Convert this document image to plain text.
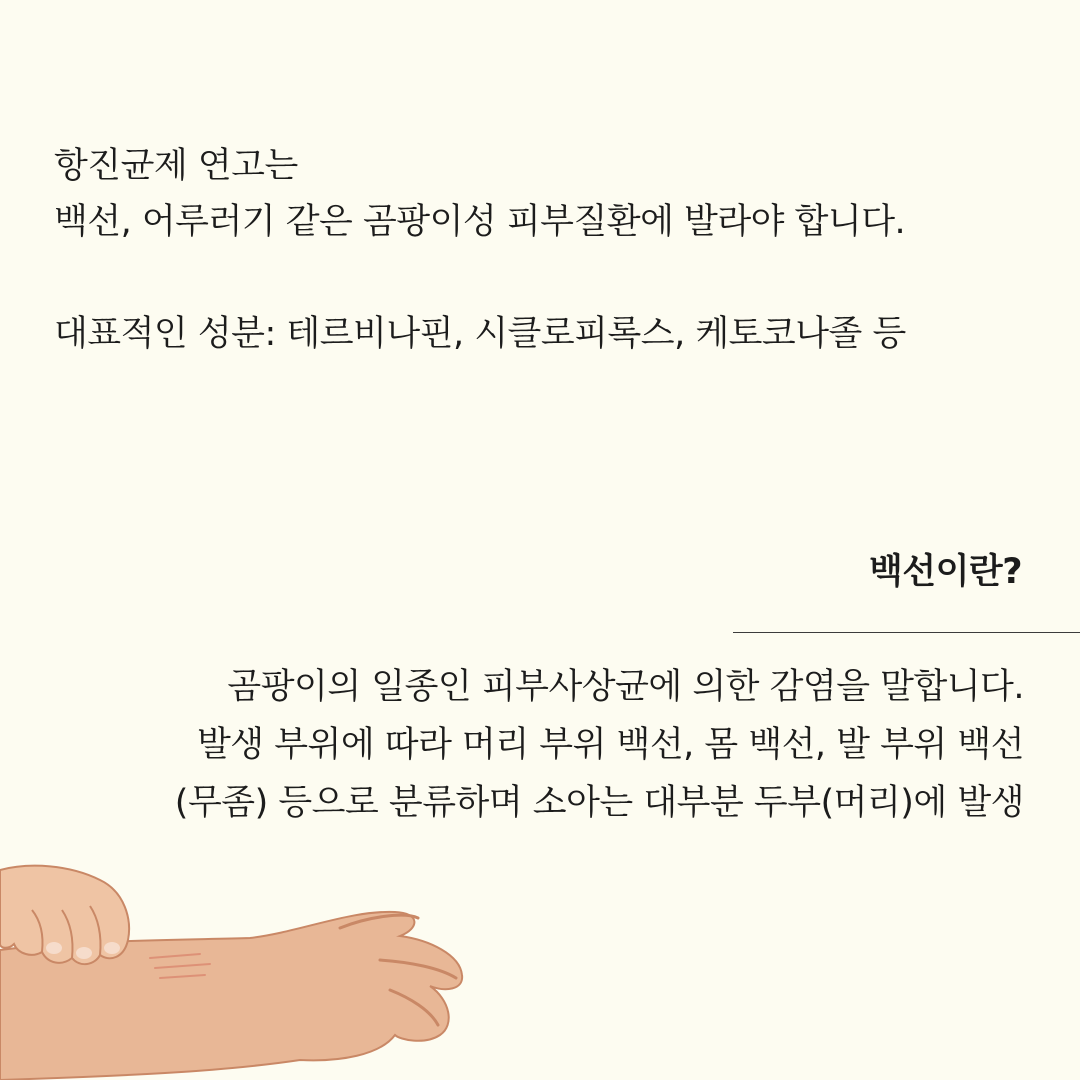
항진균제 연고는
백선, 어루러기 같은 곰팡이성 피부질환에 발라야 합니다.
대표적인 성분: 테르비나핀, 시클로피록스, 케토코나졸 등
백선이란?
곰팡이의 일종인 피부사상균에 의한 감염을 말합니다.
발생 부위에 따라 머리 부위 백선, 몸 백선, 발 부위 백선
(무좀) 등으로 분류하며 소아는 대부분 두부(머리)에 발생
